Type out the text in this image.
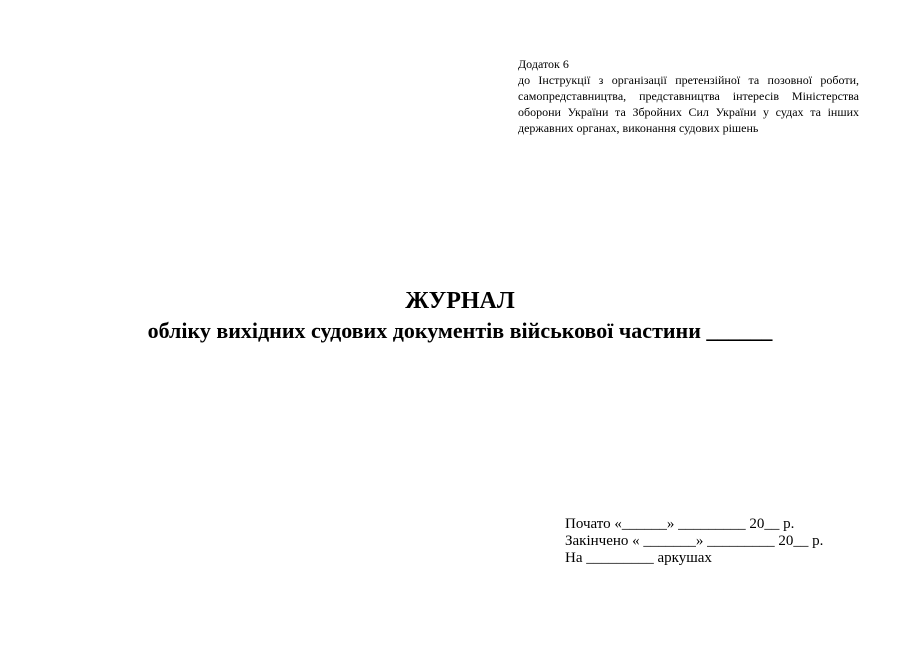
Додаток 6
до Інструкції з організації претензійної та позовної роботи, самопредставництва, представництва інтересів Міністерства оборони України та Збройних Сил України у судах та інших державних органах, виконання судових рішень
ЖУРНАЛ
обліку вихідних судових документів військової частини ______
Почато «______» _________ 20__ р.
Закінчено « _______» _________ 20__ р.
На _________ аркушах
